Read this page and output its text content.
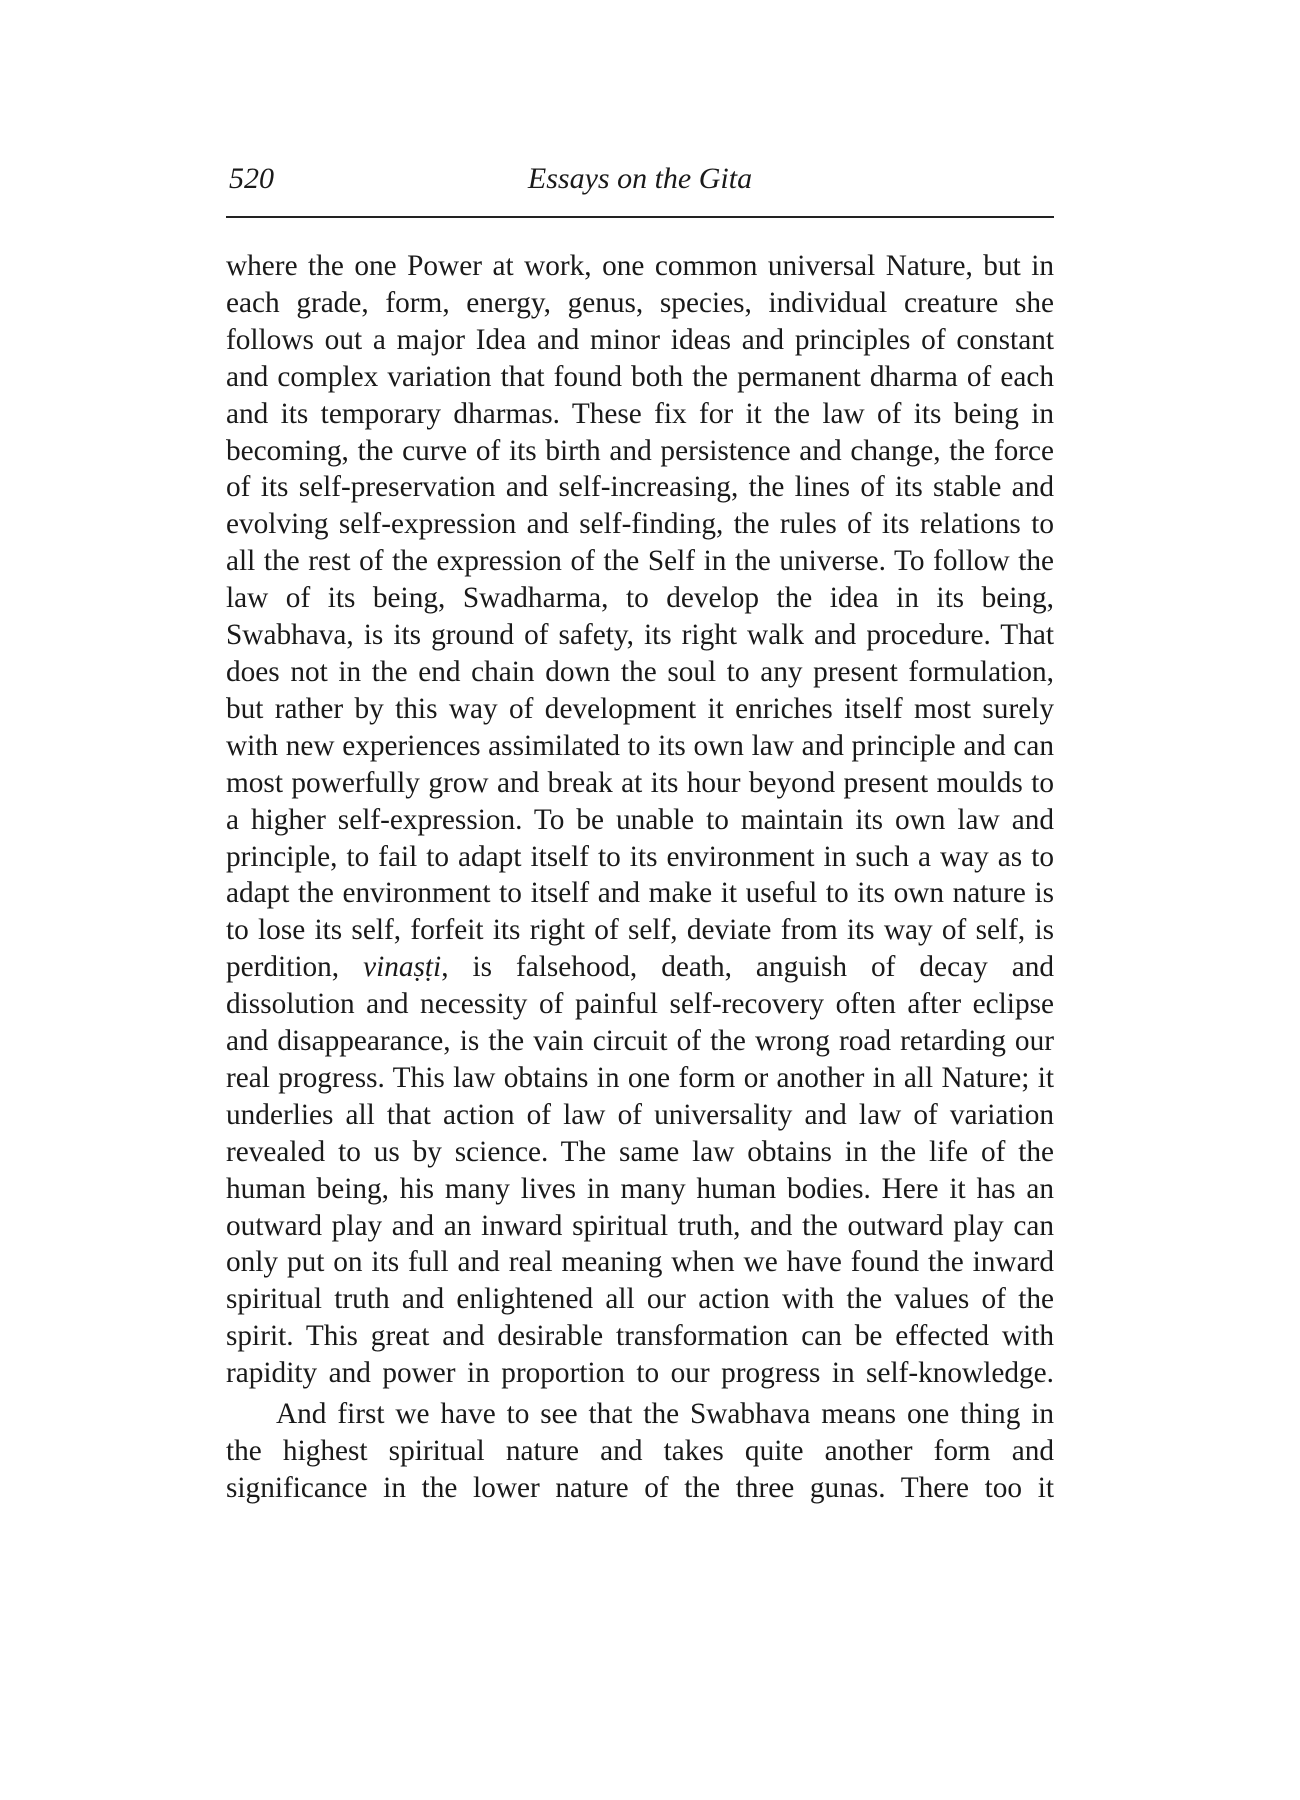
520	Essays on the Gita

where the one Power at work, one common universal Nature, but in each grade, form, energy, genus, species, individual creature she follows out a major Idea and minor ideas and principles of constant and complex variation that found both the permanent dharma of each and its temporary dharmas. These fix for it the law of its being in becoming, the curve of its birth and persistence and change, the force of its self-preservation and self-increasing, the lines of its stable and evolving self-expression and self-finding, the rules of its relations to all the rest of the expression of the Self in the universe. To follow the law of its being, Swadharma, to develop the idea in its being, Swabhava, is its ground of safety, its right walk and procedure. That does not in the end chain down the soul to any present formulation, but rather by this way of development it enriches itself most surely with new experiences assimilated to its own law and principle and can most powerfully grow and break at its hour beyond present moulds to a higher self-expression. To be unable to maintain its own law and principle, to fail to adapt itself to its environment in such a way as to adapt the environment to itself and make it useful to its own nature is to lose its self, forfeit its right of self, deviate from its way of self, is perdition, vinaṣṭi, is falsehood, death, anguish of decay and dissolution and necessity of painful self-recovery often after eclipse and disappearance, is the vain circuit of the wrong road retarding our real progress. This law obtains in one form or another in all Nature; it underlies all that action of law of universality and law of variation revealed to us by science. The same law obtains in the life of the human being, his many lives in many human bodies. Here it has an outward play and an inward spiritual truth, and the outward play can only put on its full and real meaning when we have found the inward spiritual truth and enlightened all our action with the values of the spirit. This great and desirable transformation can be effected with rapidity and power in proportion to our progress in self-knowledge.

And first we have to see that the Swabhava means one thing in the highest spiritual nature and takes quite another form and significance in the lower nature of the three gunas. There too it
